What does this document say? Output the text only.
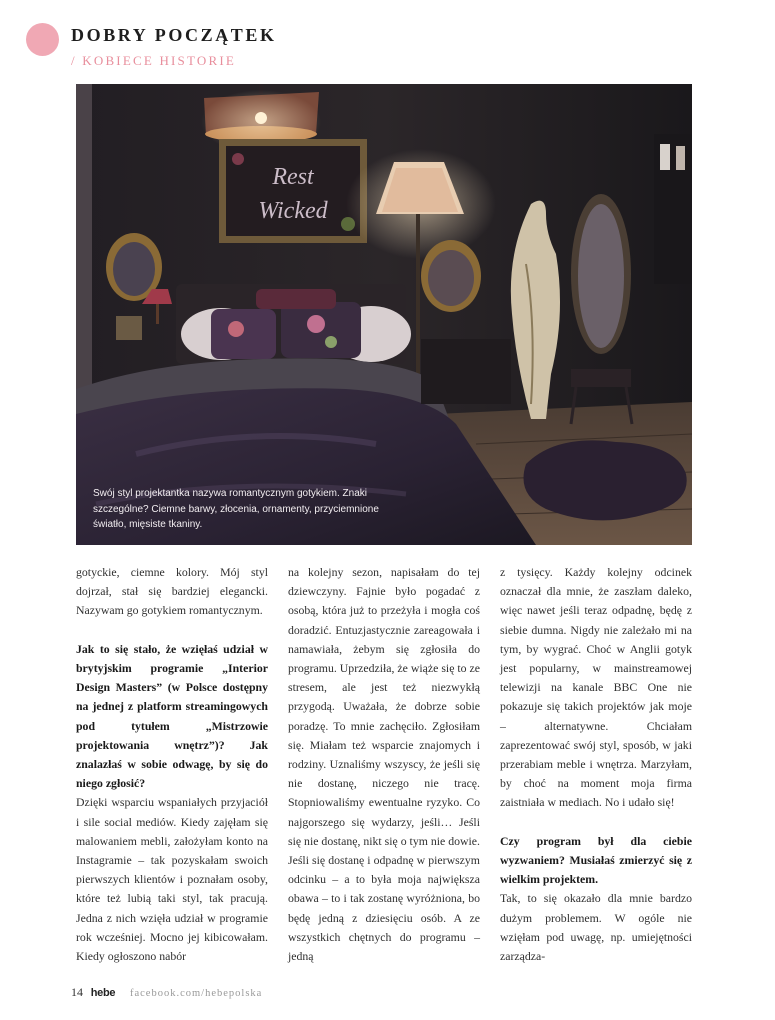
DOBRY POCZĄTEK
/ KOBIECE HISTORIE
Rest
Wicked
Swój styl projektantka nazywa romantycznym gotykiem. Znaki szczególne? Ciemne barwy, złocenia, ornamenty, przyciemnione światło, mięsiste tkaniny.

gotyckie, ciemne kolory. Mój styl dojrzał, stał się bardziej elegancki. Nazywam go gotykiem romantycznym.

Jak to się stało, że wzięłaś udział w brytyjskim programie „Interior Design Masters” (w Polsce dostępny na jednej z platform streamingowych pod tytułem „Mistrzowie projektowania wnętrz”)? Jak znalazłaś w sobie odwagę, by się do niego zgłosić?

Dzięki wsparciu wspaniałych przyjaciół i sile social mediów. Kiedy zajęłam się malowaniem mebli, założyłam konto na Instagramie – tak pozyskałam swoich pierwszych klientów i poznałam osoby, które też lubią taki styl, tak pracują. Jedna z nich wzięła udział w programie rok wcześniej. Mocno jej kibicowałam. Kiedy ogłoszono nabór

na kolejny sezon, napisałam do tej dziewczyny. Fajnie było pogadać z osobą, która już to przeżyła i mogła coś doradzić. Entuzjastycznie zareagowała i namawiała, żebym się zgłosiła do programu. Uprzedziła, że wiąże się to ze stresem, ale jest też niezwykłą przygodą. Uważała, że dobrze sobie poradzę. To mnie zachęciło. Zgłosiłam się. Miałam też wsparcie znajomych i rodziny. Uznaliśmy wszyscy, że jeśli się nie dostanę, niczego nie tracę. Stopniowaliśmy ewentualne ryzyko. Co najgorszego się wydarzy, jeśli… Jeśli się nie dostanę, nikt się o tym nie dowie. Jeśli się dostanę i odpadnę w pierwszym odcinku – a to była moja największa obawa – to i tak zostanę wyróżniona, bo będę jedną z dziesięciu osób. A ze wszystkich chętnych do programu – jedną

z tysięcy. Każdy kolejny odcinek oznaczał dla mnie, że zaszłam daleko, więc nawet jeśli teraz odpadnę, będę z siebie dumna. Nigdy nie zależało mi na tym, by wygrać. Choć w Anglii gotyk jest popularny, w mainstreamowej telewizji na kanale BBC One nie pokazuje się takich projektów jak moje – alternatywne. Chciałam zaprezentować swój styl, sposób, w jaki przerabiam meble i wnętrza. Marzyłam, by choć na moment moja firma zaistniała w mediach. No i udało się!

Czy program był dla ciebie wyzwaniem? Musiałaś zmierzyć się z wielkim projektem.

Tak, to się okazało dla mnie bardzo dużym problemem. W ogóle nie wzięłam pod uwagę, np. umiejętności zarządza-

14 hebe facebook.com/hebepolska
